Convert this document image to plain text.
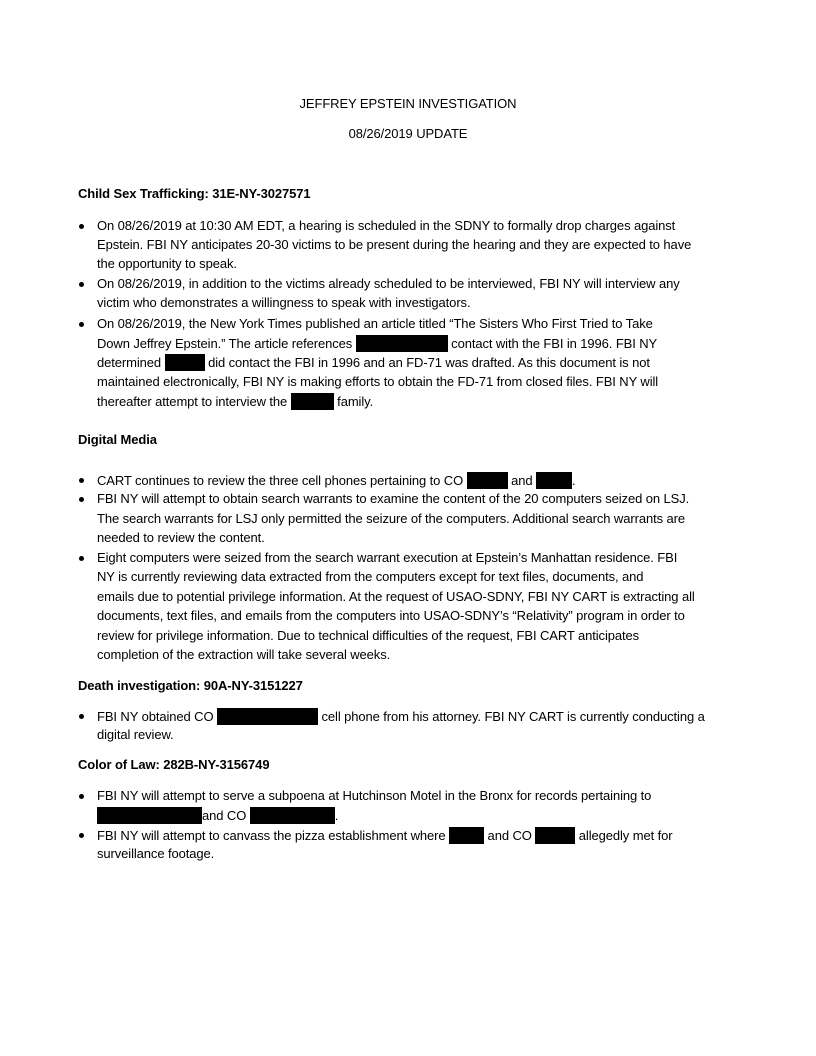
JEFFREY EPSTEIN INVESTIGATION
08/26/2019 UPDATE
Child Sex Trafficking: 31E-NY-3027571
On 08/26/2019 at 10:30 AM EDT, a hearing is scheduled in the SDNY to formally drop charges against
Epstein. FBI NY anticipates 20-30 victims to be present during the hearing and they are expected to have
the opportunity to speak.
On 08/26/2019, in addition to the victims already scheduled to be interviewed, FBI NY will interview any
victim who demonstrates a willingness to speak with investigators.
On 08/26/2019, the New York Times published an article titled “The Sisters Who First Tried to Take
Down Jeffrey Epstein.” The article references	contact with the FBI in 1996. FBI NY
determined	did contact the FBI in 1996 and an FD-71 was drafted. As this document is not
maintained electronically, FBI NY is making efforts to obtain the FD-71 from closed files. FBI NY will
thereafter attempt to interview the	family.
Digital Media
CART continues to review the three cell phones pertaining to CO	and	.
FBI NY will attempt to obtain search warrants to examine the content of the 20 computers seized on LSJ.
The search warrants for LSJ only permitted the seizure of the computers. Additional search warrants are
needed to review the content.
Eight computers were seized from the search warrant execution at Epstein’s Manhattan residence. FBI
NY is currently reviewing data extracted from the computers except for text files, documents, and
emails due to potential privilege information. At the request of USAO-SDNY, FBI NY CART is extracting all
documents, text files, and emails from the computers into USAO-SDNY’s “Relativity” program in order to
review for privilege information. Due to technical difficulties of the request, FBI CART anticipates
completion of the extraction will take several weeks.
Death investigation: 90A-NY-3151227
FBI NY obtained CO	cell phone from his attorney. FBI NY CART is currently conducting a
digital review.
Color of Law: 282B-NY-3156749
FBI NY will attempt to serve a subpoena at Hutchinson Motel in the Bronx for records pertaining to
and CO	.
FBI NY will attempt to canvass the pizza establishment where	and CO	allegedly met for
surveillance footage.
